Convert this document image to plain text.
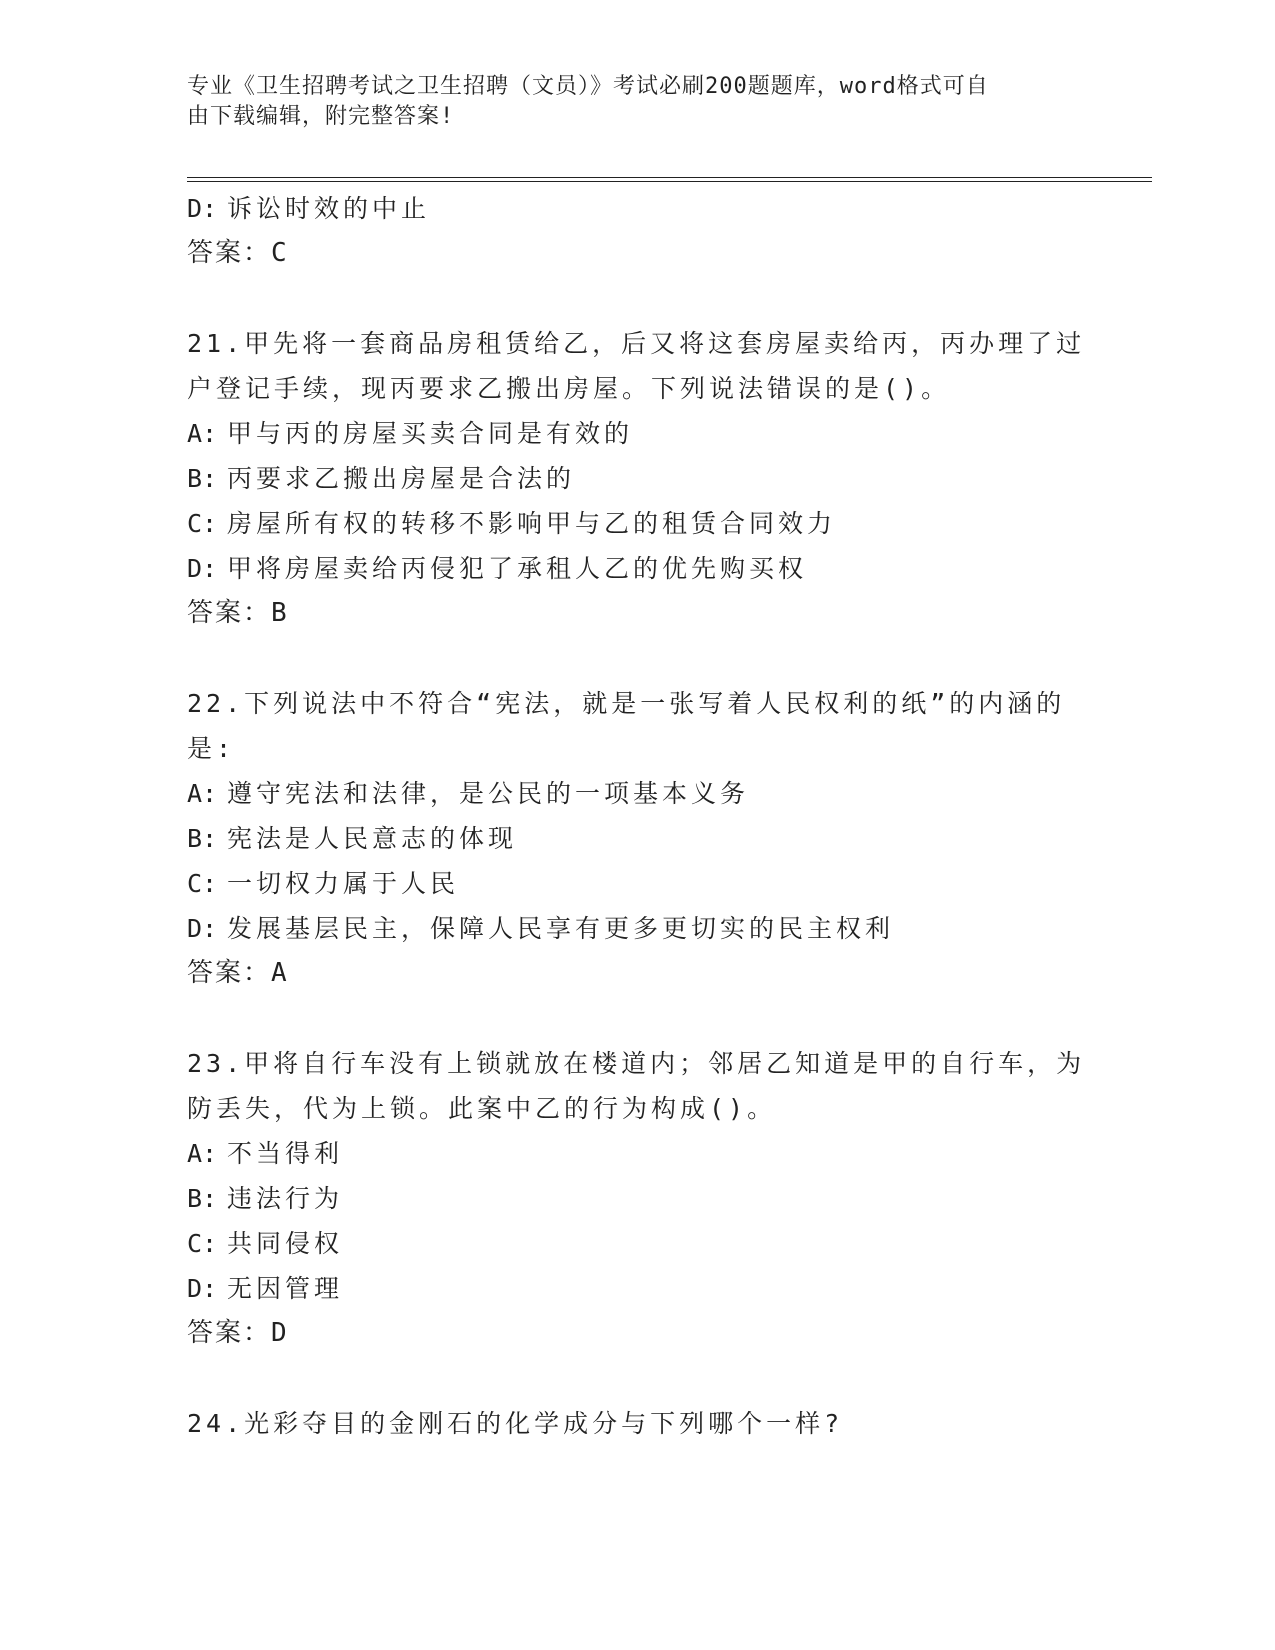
专业《卫生招聘考试之卫生招聘（文员）》考试必刷200题题库，word格式可自
由下载编辑，附完整答案!
D: 诉讼时效的中止
答案：C
21.甲先将一套商品房租赁给乙，后又将这套房屋卖给丙，丙办理了过
户登记手续，现丙要求乙搬出房屋。下列说法错误的是()。
A: 甲与丙的房屋买卖合同是有效的
B: 丙要求乙搬出房屋是合法的
C: 房屋所有权的转移不影响甲与乙的租赁合同效力
D: 甲将房屋卖给丙侵犯了承租人乙的优先购买权
答案：B
22.下列说法中不符合“宪法，就是一张写着人民权利的纸”的内涵的
是:
A: 遵守宪法和法律，是公民的一项基本义务
B: 宪法是人民意志的体现
C: 一切权力属于人民
D: 发展基层民主，保障人民享有更多更切实的民主权利
答案：A
23.甲将自行车没有上锁就放在楼道内；邻居乙知道是甲的自行车，为
防丢失，代为上锁。此案中乙的行为构成()。
A: 不当得利
B: 违法行为
C: 共同侵权
D: 无因管理
答案：D
24.光彩夺目的金刚石的化学成分与下列哪个一样?
